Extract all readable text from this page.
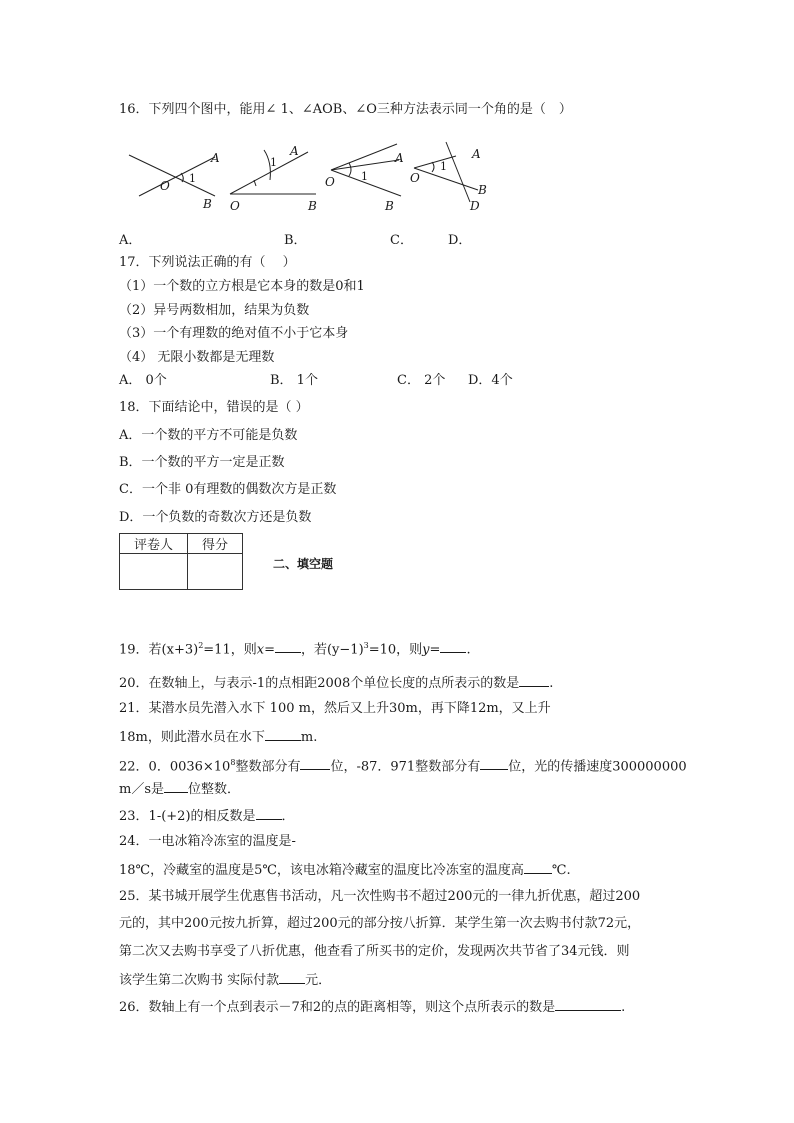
16．下列四个图中，能用∠ 1、∠AOB、∠O三种方法表示同一个角的是（　）
A
O
1
B
A
1
O	B
A
1
O
B
A
1
O
B
D
A．	B．	C．	D．
17．下列说法正确的有（　 ）
（1）一个数的立方根是它本身的数是0和1
（2）异号两数相加，结果为负数
（3）一个有理数的绝对值不小于它本身
（4） 无限小数都是无理数
A． 0个	B． 1个	C． 2个 D．4个
18．下面结论中，错误的是（ ）
A．一个数的平方不可能是负数
B．一个数的平方一定是正数
C．一个非 0有理数的偶数次方是正数
D．一个负数的奇数次方还是负数
评卷人	得分

二、填空题
19．若$(x+3)^2=11$，则x= ，若$(y-1)^3=10$，则y= .
20．在数轴上，与表示-1的点相距2008个单位长度的点所表示的数是 .
21．某潜水员先潜入水下 100 m，然后又上升30m，再下降12m，又上升
18m，则此潜水员在水下	m.
22．0．$0036\times 10^8$整数部分有 位，-87．971整数部分有 位，光的传播速度300000000
m／s是 位整数．
23．1-(+2)的相反数是 ．
24．一电冰箱冷冻室的温度是-
18℃，冷藏室的温度是5℃，该电冰箱冷藏室的温度比冷冻室的温度高 ℃.
25．某书城开展学生优惠售书活动，凡一次性购书不超过200元的一律九折优惠，超过200
元的，其中200元按九折算，超过200元的部分按八折算．某学生第一次去购书付款72元，
第二次又去购书享受了八折优惠，他查看了所买书的定价，发现两次共节省了34元钱．则
该学生第二次购书 实际付款 元．
26．数轴上有一个点到表示－7和2的点的距离相等，则这个点所表示的数是	.
